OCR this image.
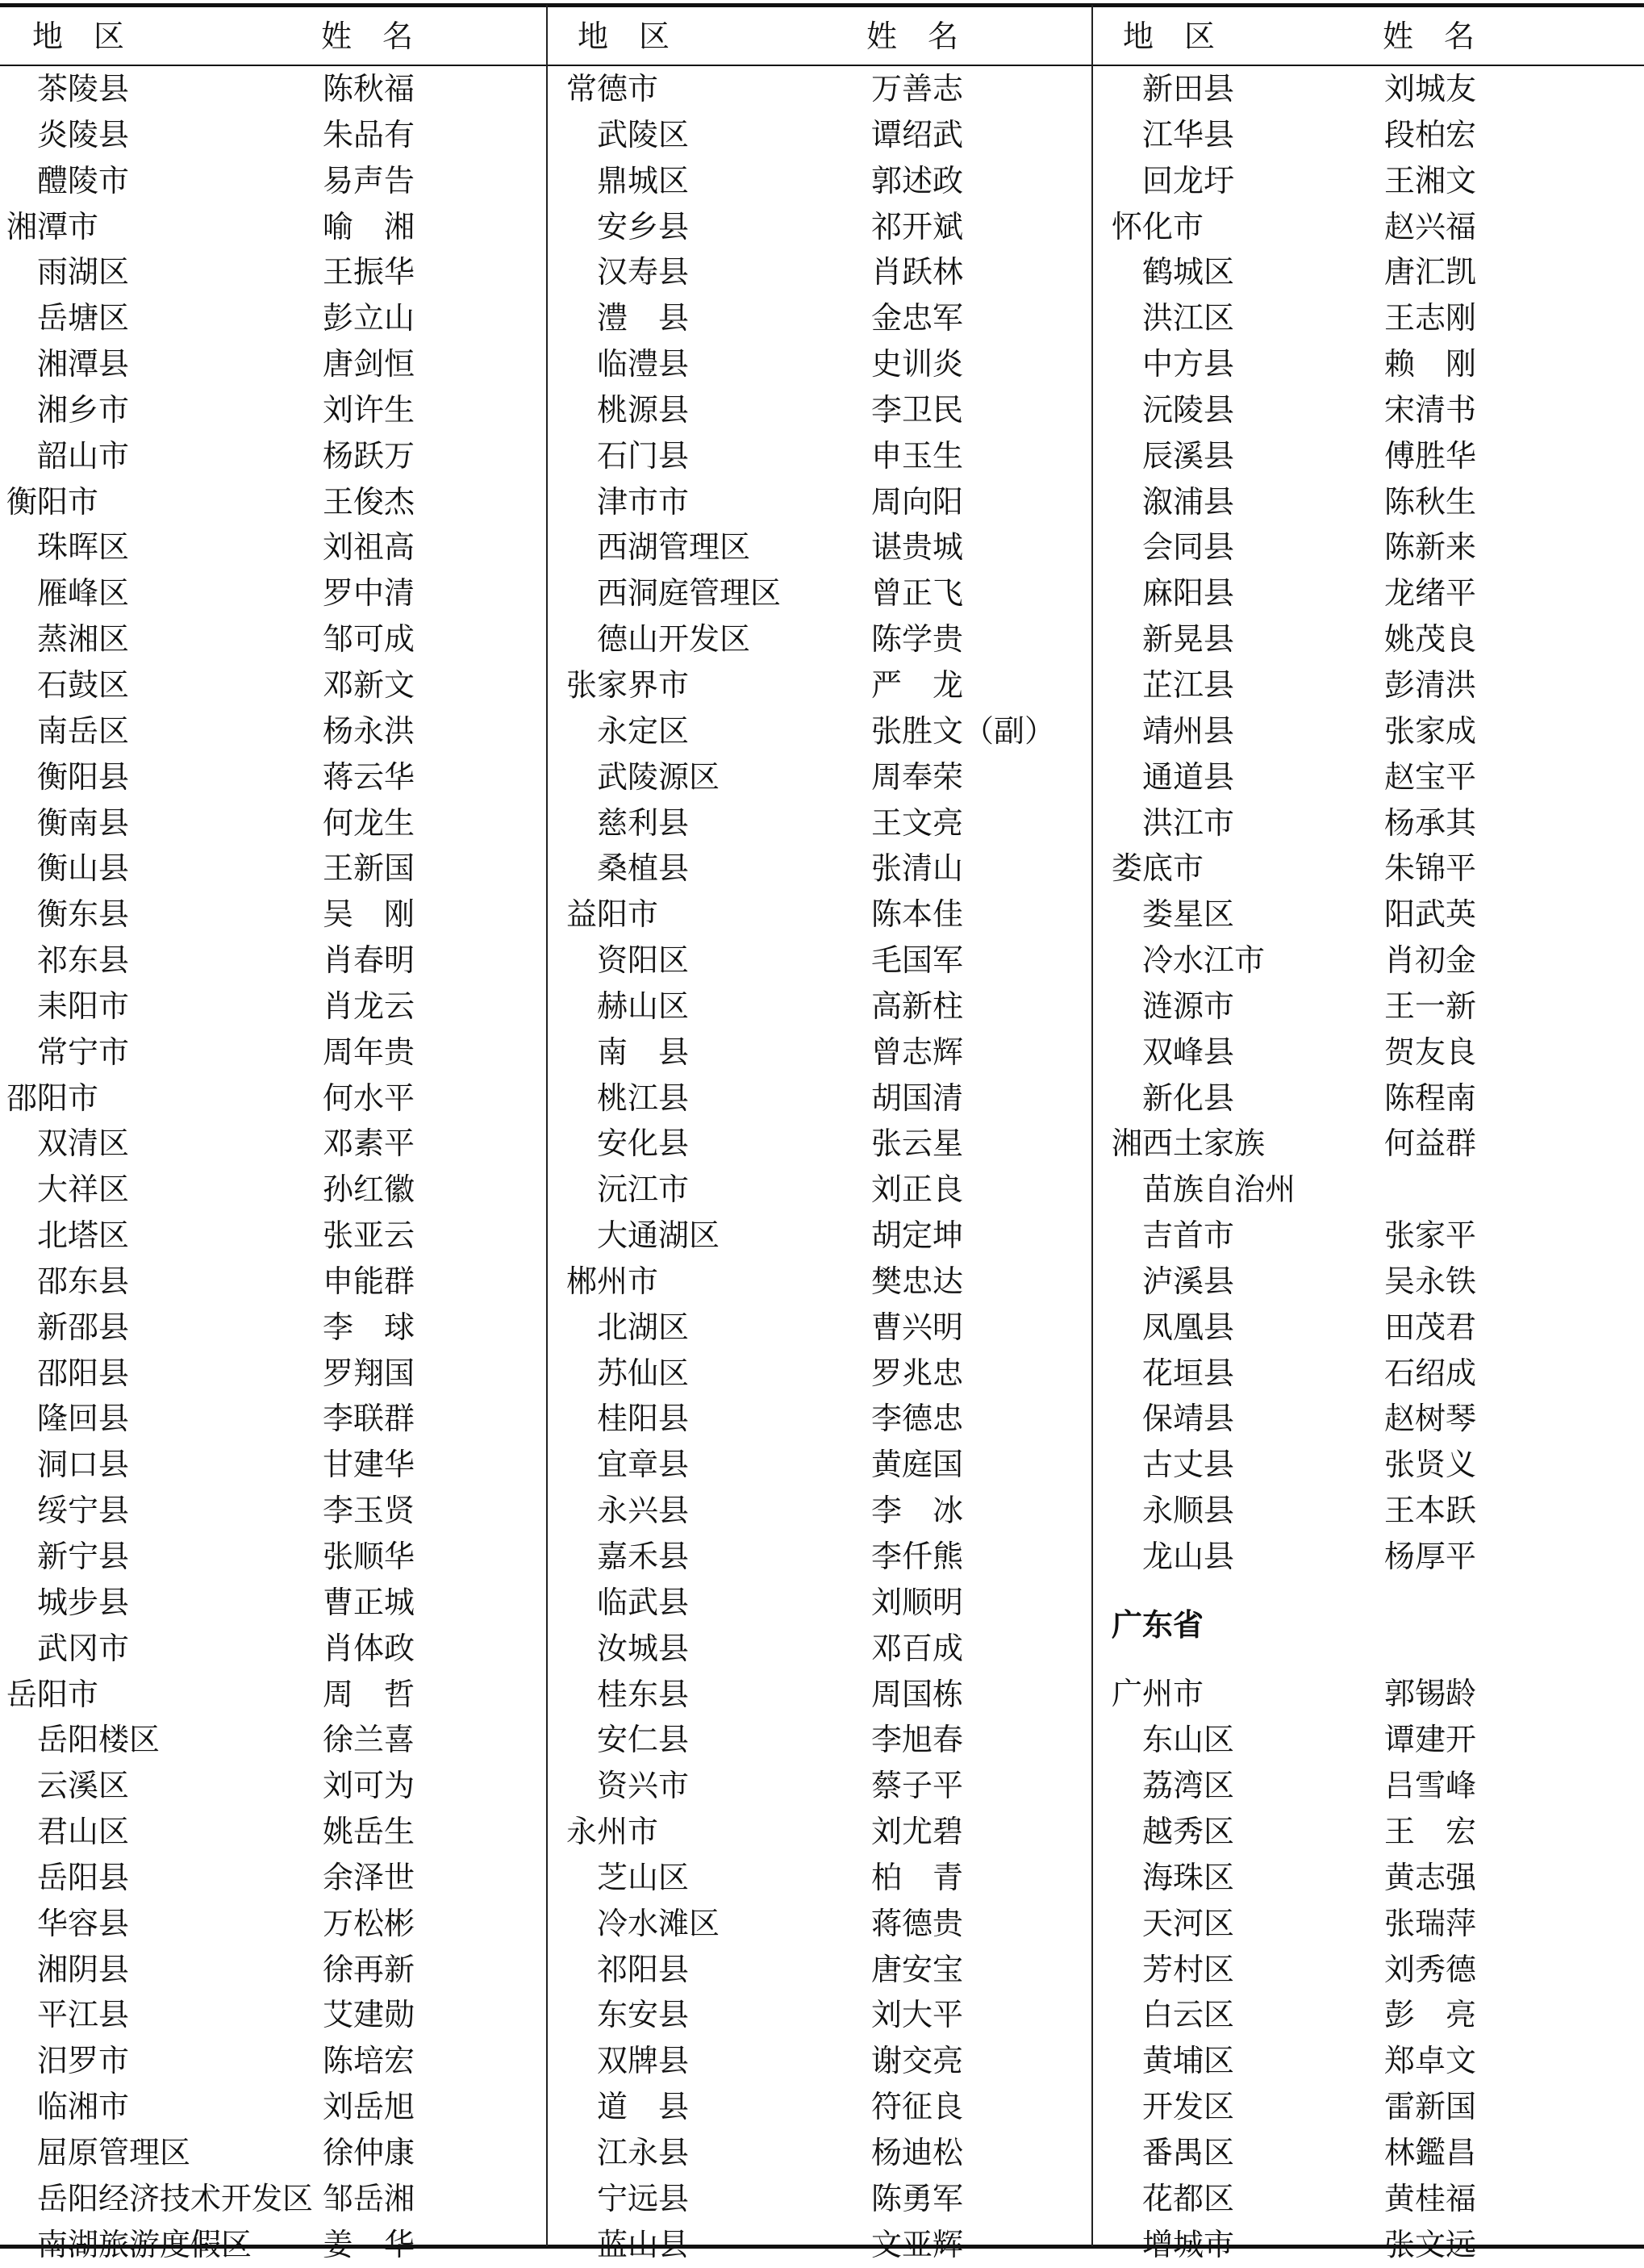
地　区	姓　名	地　区	姓　名	地　区	姓　名
茶陵县	陈秋福
炎陵县	朱品有
醴陵市	易声告
湘潭市	喻　湘
雨湖区	王振华
岳塘区	彭立山
湘潭县	唐剑恒
湘乡市	刘许生
韶山市	杨跃万
衡阳市	王俊杰
珠晖区	刘祖高
雁峰区	罗中清
蒸湘区	邹可成
石鼓区	邓新文
南岳区	杨永洪
衡阳县	蒋云华
衡南县	何龙生
衡山县	王新国
衡东县	吴　刚
祁东县	肖春明
耒阳市	肖龙云
常宁市	周年贵
邵阳市	何水平
双清区	邓素平
大祥区	孙红徽
北塔区	张亚云
邵东县	申能群
新邵县	李　球
邵阳县	罗翔国
隆回县	李联群
洞口县	甘建华
绥宁县	李玉贤
新宁县	张顺华
城步县	曹正城
武冈市	肖体政
岳阳市	周　哲
岳阳楼区	徐兰喜
云溪区	刘可为
君山区	姚岳生
岳阳县	余泽世
华容县	万松彬
湘阴县	徐再新
平江县	艾建勋
汨罗市	陈培宏
临湘市	刘岳旭
屈原管理区	徐仲康
岳阳经济技术开发区 邹岳湘
南湖旅游度假区 姜　华
常德市	万善志
武陵区	谭绍武
鼎城区	郭述政
安乡县	祁开斌
汉寿县	肖跃林
澧　县	金忠军
临澧县	史训炎
桃源县	李卫民
石门县	申玉生
津市市	周向阳
西湖管理区	谌贵城
西洞庭管理区	曾正飞
德山开发区	陈学贵
张家界市	严　龙
永定区	张胜文（副）
武陵源区	周奉荣
慈利县	王文亮
桑植县	张清山
益阳市	陈本佳
资阳区	毛国军
赫山区	高新柱
南　县	曾志辉
桃江县	胡国清
安化县	张云星
沅江市	刘正良
大通湖区	胡定坤
郴州市	樊忠达
北湖区	曹兴明
苏仙区	罗兆忠
桂阳县	李德忠
宜章县	黄庭国
永兴县	李　冰
嘉禾县	李仟熊
临武县	刘顺明
汝城县	邓百成
桂东县	周国栋
安仁县	李旭春
资兴市	蔡子平
永州市	刘尤碧
芝山区	柏　青
冷水滩区	蒋德贵
祁阳县	唐安宝
东安县	刘大平
双牌县	谢交亮
道　县	符征良
江永县	杨迪松
宁远县	陈勇军
蓝山县	文亚辉
新田县	刘城友
江华县	段柏宏
回龙圩	王湘文
怀化市	赵兴福
鹤城区	唐汇凯
洪江区	王志刚
中方县	赖　刚
沅陵县	宋清书
辰溪县	傅胜华
溆浦县	陈秋生
会同县	陈新来
麻阳县	龙绪平
新晃县	姚茂良
芷江县	彭清洪
靖州县	张家成
通道县	赵宝平
洪江市	杨承其
娄底市	朱锦平
娄星区	阳武英
冷水江市	肖初金
涟源市	王一新
双峰县	贺友良
新化县	陈程南
湘西土家族	何益群
苗族自治州
吉首市	张家平
泸溪县	吴永铁
凤凰县	田茂君
花垣县	石绍成
保靖县	赵树琴
古丈县	张贤义
永顺县	王本跃
龙山县	杨厚平
广东省
广州市	郭锡龄
东山区	谭建开
荔湾区	吕雪峰
越秀区	王　宏
海珠区	黄志强
天河区	张瑞萍
芳村区	刘秀德
白云区	彭　亮
黄埔区	郑卓文
开发区	雷新国
番禺区	林鑑昌
花都区	黄桂福
增城市	张文远
